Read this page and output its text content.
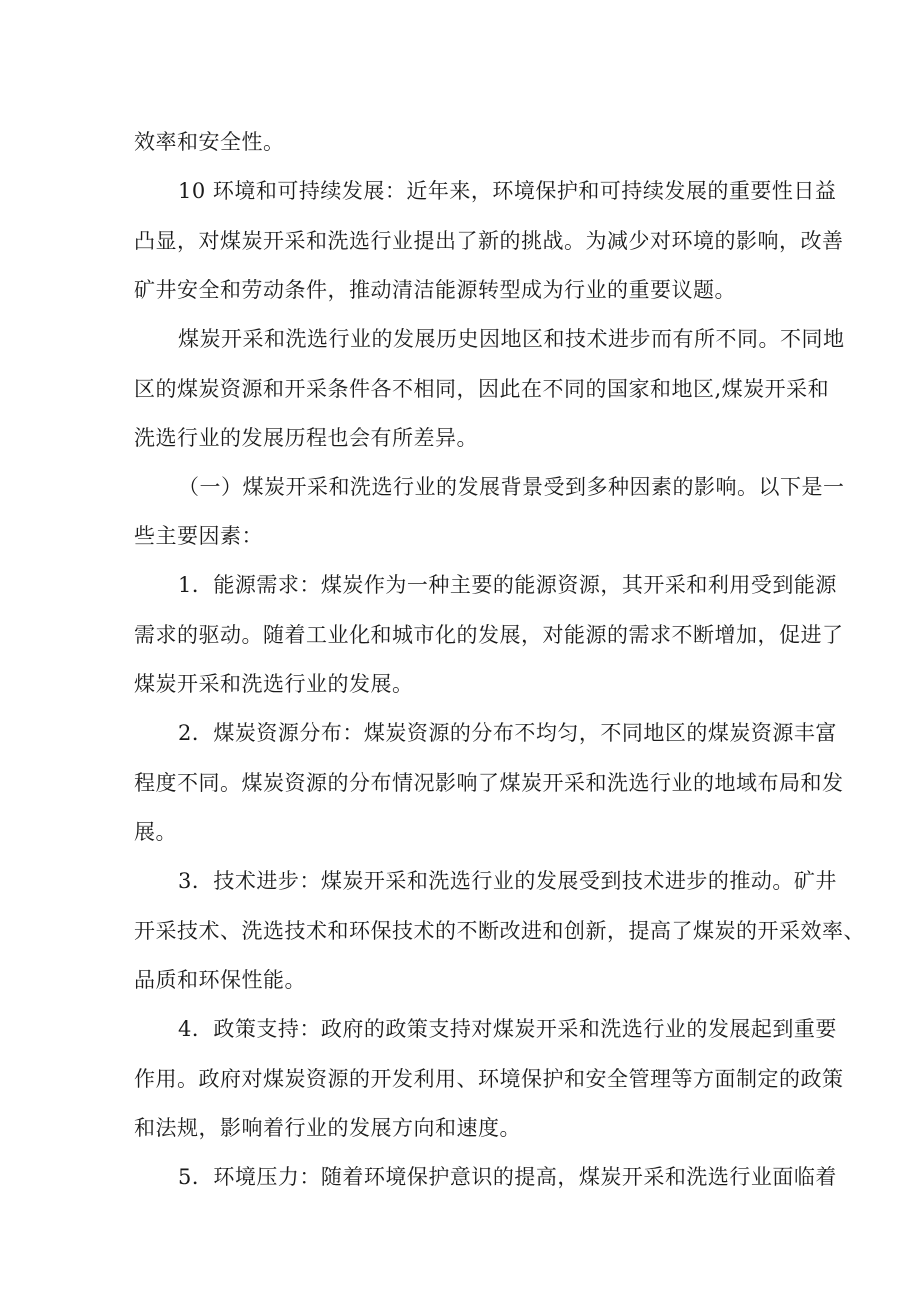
效率和安全性。
10 环境和可持续发展：近年来，环境保护和可持续发展的重要性日益
凸显，对煤炭开采和洗选行业提出了新的挑战。为减少对环境的影响，改善
矿井安全和劳动条件，推动清洁能源转型成为行业的重要议题。
煤炭开采和洗选行业的发展历史因地区和技术进步而有所不同。不同地
区的煤炭资源和开采条件各不相同，因此在不同的国家和地区,煤炭开采和
洗选行业的发展历程也会有所差异。
（一）煤炭开采和洗选行业的发展背景受到多种因素的影响。以下是一
些主要因素：
1．能源需求：煤炭作为一种主要的能源资源，其开采和利用受到能源
需求的驱动。随着工业化和城市化的发展，对能源的需求不断增加，促进了
煤炭开采和洗选行业的发展。
2．煤炭资源分布：煤炭资源的分布不均匀，不同地区的煤炭资源丰富
程度不同。煤炭资源的分布情况影响了煤炭开采和洗选行业的地域布局和发
展。
3．技术进步：煤炭开采和洗选行业的发展受到技术进步的推动。矿井
开采技术、洗选技术和环保技术的不断改进和创新，提高了煤炭的开采效率、
品质和环保性能。
4．政策支持：政府的政策支持对煤炭开采和洗选行业的发展起到重要
作用。政府对煤炭资源的开发利用、环境保护和安全管理等方面制定的政策
和法规，影响着行业的发展方向和速度。
5．环境压力：随着环境保护意识的提高，煤炭开采和洗选行业面临着
